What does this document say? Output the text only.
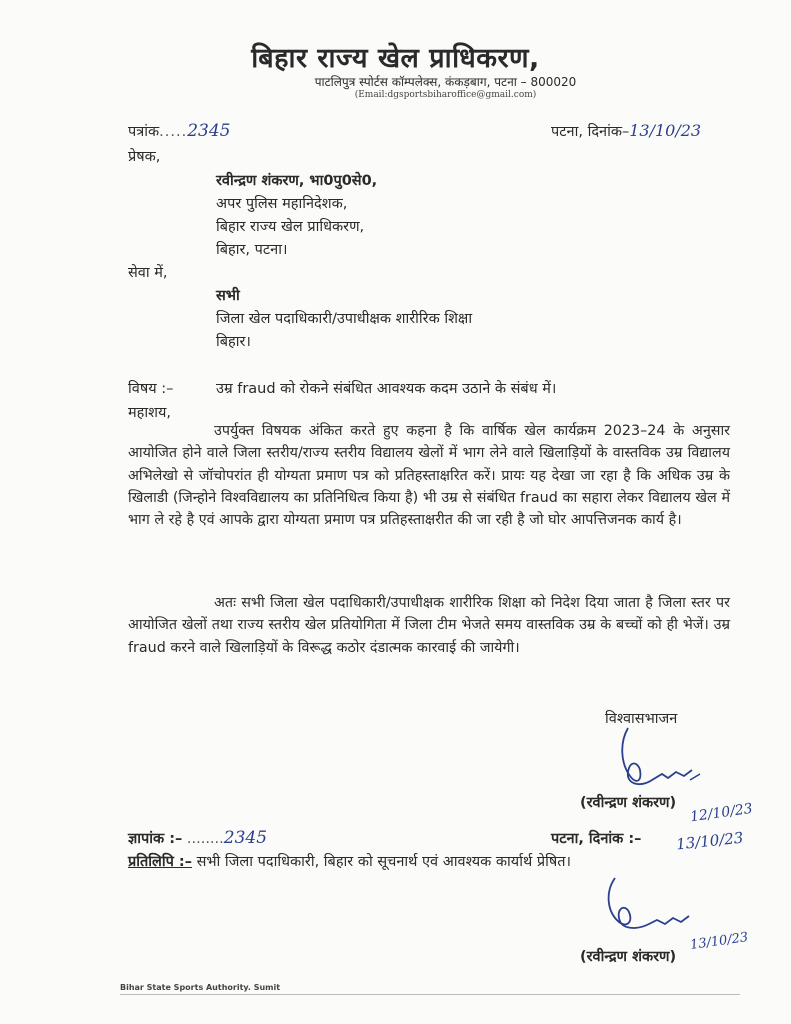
बिहार राज्य खेल प्राधिकरण,
पाटलिपुत्र स्पोर्टस कॉम्पलेक्स, कंकड़बाग, पटना – 800020
(Email:dgsportsbiharoffice@gmail.com)
पत्रांक.....2345	पटना, दिनांक–13/10/23
प्रेषक,
रवीन्द्रण शंकरण, भा0पु0से0,
अपर पुलिस महानिदेशक,
बिहार राज्य खेल प्राधिकरण,
बिहार, पटना।
सेवा में,
सभी
जिला खेल पदाधिकारी/उपाधीक्षक शारीरिक शिक्षा
बिहार।
विषय :–	उम्र fraud को रोकने संबंधित आवश्यक कदम उठाने के संबंध में।
महाशय,
उपर्युक्त विषयक अंकित करते हुए कहना है कि वार्षिक खेल कार्यक्रम 2023–24 के अनुसार आयोजित होने वाले जिला स्तरीय/राज्य स्तरीय विद्यालय खेलों में भाग लेने वाले खिलाड़ियों के वास्तविक उम्र विद्यालय अभिलेखो से जॉचोपरांत ही योग्यता प्रमाण पत्र को प्रतिहस्ताक्षरित करें। प्रायः यह देखा जा रहा है कि अधिक उम्र के खिलाडी (जिन्होने विश्वविद्यालय का प्रतिनिधित्व किया है) भी उम्र से संबंधित fraud का सहारा लेकर विद्यालय खेल में भाग ले रहे है एवं आपके द्वारा योग्यता प्रमाण पत्र प्रतिहस्ताक्षरीत की जा रही है जो घोर आपत्तिजनक कार्य है।
अतः सभी जिला खेल पदाधिकारी/उपाधीक्षक शारीरिक शिक्षा को निदेश दिया जाता है जिला स्तर पर आयोजित खेलों तथा राज्य स्तरीय खेल प्रतियोगिता में जिला टीम भेजते समय वास्तविक उम्र के बच्चों को ही भेजें। उम्र fraud करने वाले खिलाड़ियों के विरूद्ध कठोर दंडात्मक कारवाई की जायेगी।
विश्वासभाजन
(रवीन्द्रण शंकरण) 12/10/23
ज्ञापांक :– ........2345	पटना, दिनांक :– 13/10/23
प्रतिलिपि :– सभी जिला पदाधिकारी, बिहार को सूचनार्थ एवं आवश्यक कार्यार्थ प्रेषित।
(रवीन्द्रण शंकरण)
13/10/23
Bihar State Sports Authority. Sumit
